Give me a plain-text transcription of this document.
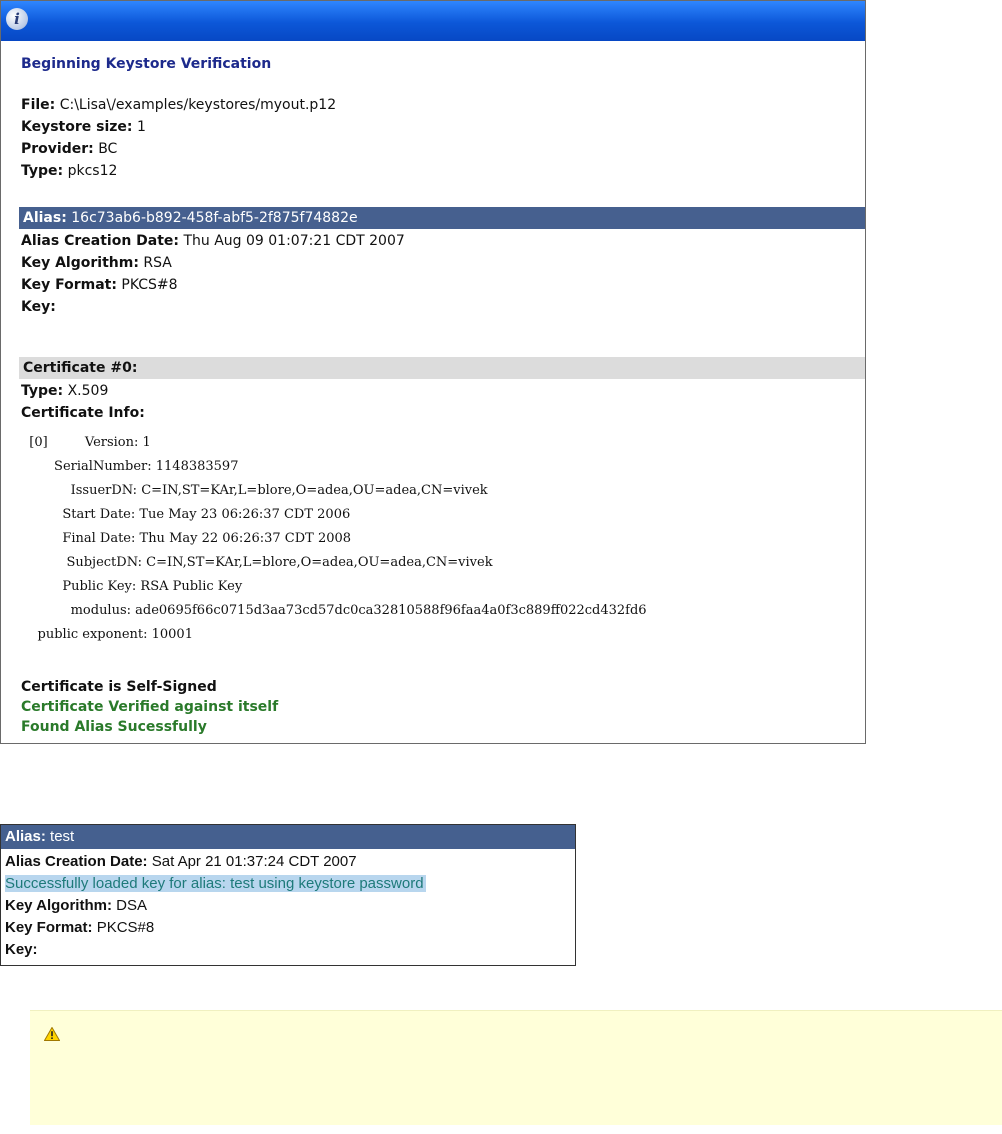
i
Beginning Keystore Verification
File: C:\Lisa\/examples/keystores/myout.p12
Keystore size: 1
Provider: BC
Type: pkcs12
Alias: 16c73ab6-b892-458f-abf5-2f875f74882e
Alias Creation Date: Thu Aug 09 01:07:21 CDT 2007
Key Algorithm: RSA
Key Format: PKCS#8
Key:
Certificate #0:
Type: X.509
Certificate Info:
[0]         Version: 1
SerialNumber: 1148383597
IssuerDN: C=IN,ST=KAr,L=blore,O=adea,OU=adea,CN=vivek
Start Date: Tue May 23 06:26:37 CDT 2006
Final Date: Thu May 22 06:26:37 CDT 2008
SubjectDN: C=IN,ST=KAr,L=blore,O=adea,OU=adea,CN=vivek
Public Key: RSA Public Key
modulus: ade0695f66c0715d3aa73cd57dc0ca32810588f96faa4a0f3c889ff022cd432fd6
public exponent: 10001
Certificate is Self-Signed
Certificate Verified against itself
Found Alias Sucessfully
Alias: test
Alias Creation Date: Sat Apr 21 01:37:24 CDT 2007
Successfully loaded key for alias: test using keystore password
Key Algorithm: DSA
Key Format: PKCS#8
Key:
